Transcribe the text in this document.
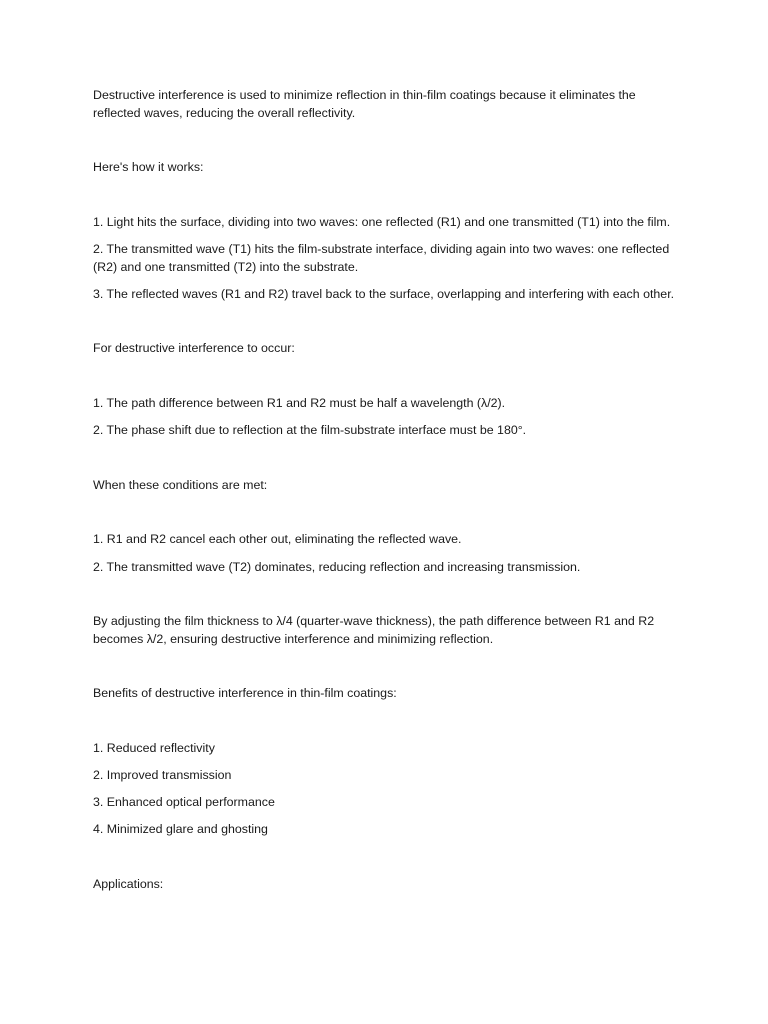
Destructive interference is used to minimize reflection in thin-film coatings because it eliminates the reflected waves, reducing the overall reflectivity.

Here's how it works:

1. Light hits the surface, dividing into two waves: one reflected (R1) and one transmitted (T1) into the film.

2. The transmitted wave (T1) hits the film-substrate interface, dividing again into two waves: one reflected (R2) and one transmitted (T2) into the substrate.

3. The reflected waves (R1 and R2) travel back to the surface, overlapping and interfering with each other.

For destructive interference to occur:

1. The path difference between R1 and R2 must be half a wavelength (λ/2).

2. The phase shift due to reflection at the film-substrate interface must be 180°.

When these conditions are met:

1. R1 and R2 cancel each other out, eliminating the reflected wave.

2. The transmitted wave (T2) dominates, reducing reflection and increasing transmission.

By adjusting the film thickness to λ/4 (quarter-wave thickness), the path difference between R1 and R2 becomes λ/2, ensuring destructive interference and minimizing reflection.

Benefits of destructive interference in thin-film coatings:

1. Reduced reflectivity

2. Improved transmission

3. Enhanced optical performance

4. Minimized glare and ghosting

Applications:
